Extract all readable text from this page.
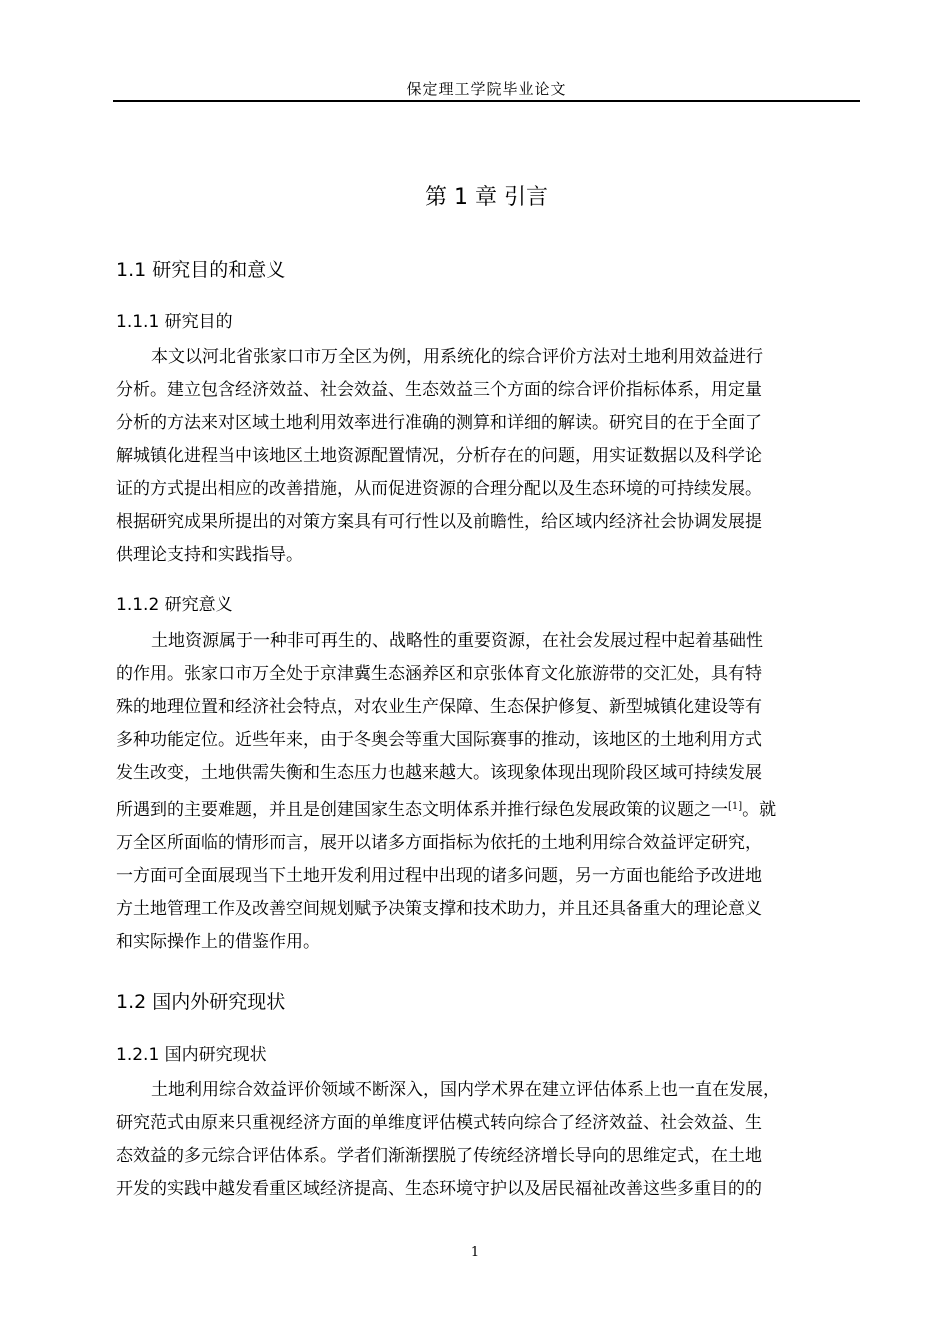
保定理工学院毕业论文
第 1 章 引言
1.1 研究目的和意义
1.1.1 研究目的
本文以河北省张家口市万全区为例，用系统化的综合评价方法对土地利用效益进行
分析。建立包含经济效益、社会效益、生态效益三个方面的综合评价指标体系，用定量
分析的方法来对区域土地利用效率进行准确的测算和详细的解读。研究目的在于全面了
解城镇化进程当中该地区土地资源配置情况，分析存在的问题，用实证数据以及科学论
证的方式提出相应的改善措施，从而促进资源的合理分配以及生态环境的可持续发展。
根据研究成果所提出的对策方案具有可行性以及前瞻性，给区域内经济社会协调发展提
供理论支持和实践指导。
1.1.2 研究意义
土地资源属于一种非可再生的、战略性的重要资源，在社会发展过程中起着基础性
的作用。张家口市万全处于京津冀生态涵养区和京张体育文化旅游带的交汇处，具有特
殊的地理位置和经济社会特点，对农业生产保障、生态保护修复、新型城镇化建设等有
多种功能定位。近些年来，由于冬奥会等重大国际赛事的推动，该地区的土地利用方式
发生改变，土地供需失衡和生态压力也越来越大。该现象体现出现阶段区域可持续发展
所遇到的主要难题，并且是创建国家生态文明体系并推行绿色发展政策的议题之一[1]。就
万全区所面临的情形而言，展开以诸多方面指标为依托的土地利用综合效益评定研究，
一方面可全面展现当下土地开发利用过程中出现的诸多问题，另一方面也能给予改进地
方土地管理工作及改善空间规划赋予决策支撑和技术助力，并且还具备重大的理论意义
和实际操作上的借鉴作用。
1.2 国内外研究现状
1.2.1 国内研究现状
土地利用综合效益评价领域不断深入，国内学术界在建立评估体系上也一直在发展，
研究范式由原来只重视经济方面的单维度评估模式转向综合了经济效益、社会效益、生
态效益的多元综合评估体系。学者们渐渐摆脱了传统经济增长导向的思维定式，在土地
开发的实践中越发看重区域经济提高、生态环境守护以及居民福祉改善这些多重目的的
1
